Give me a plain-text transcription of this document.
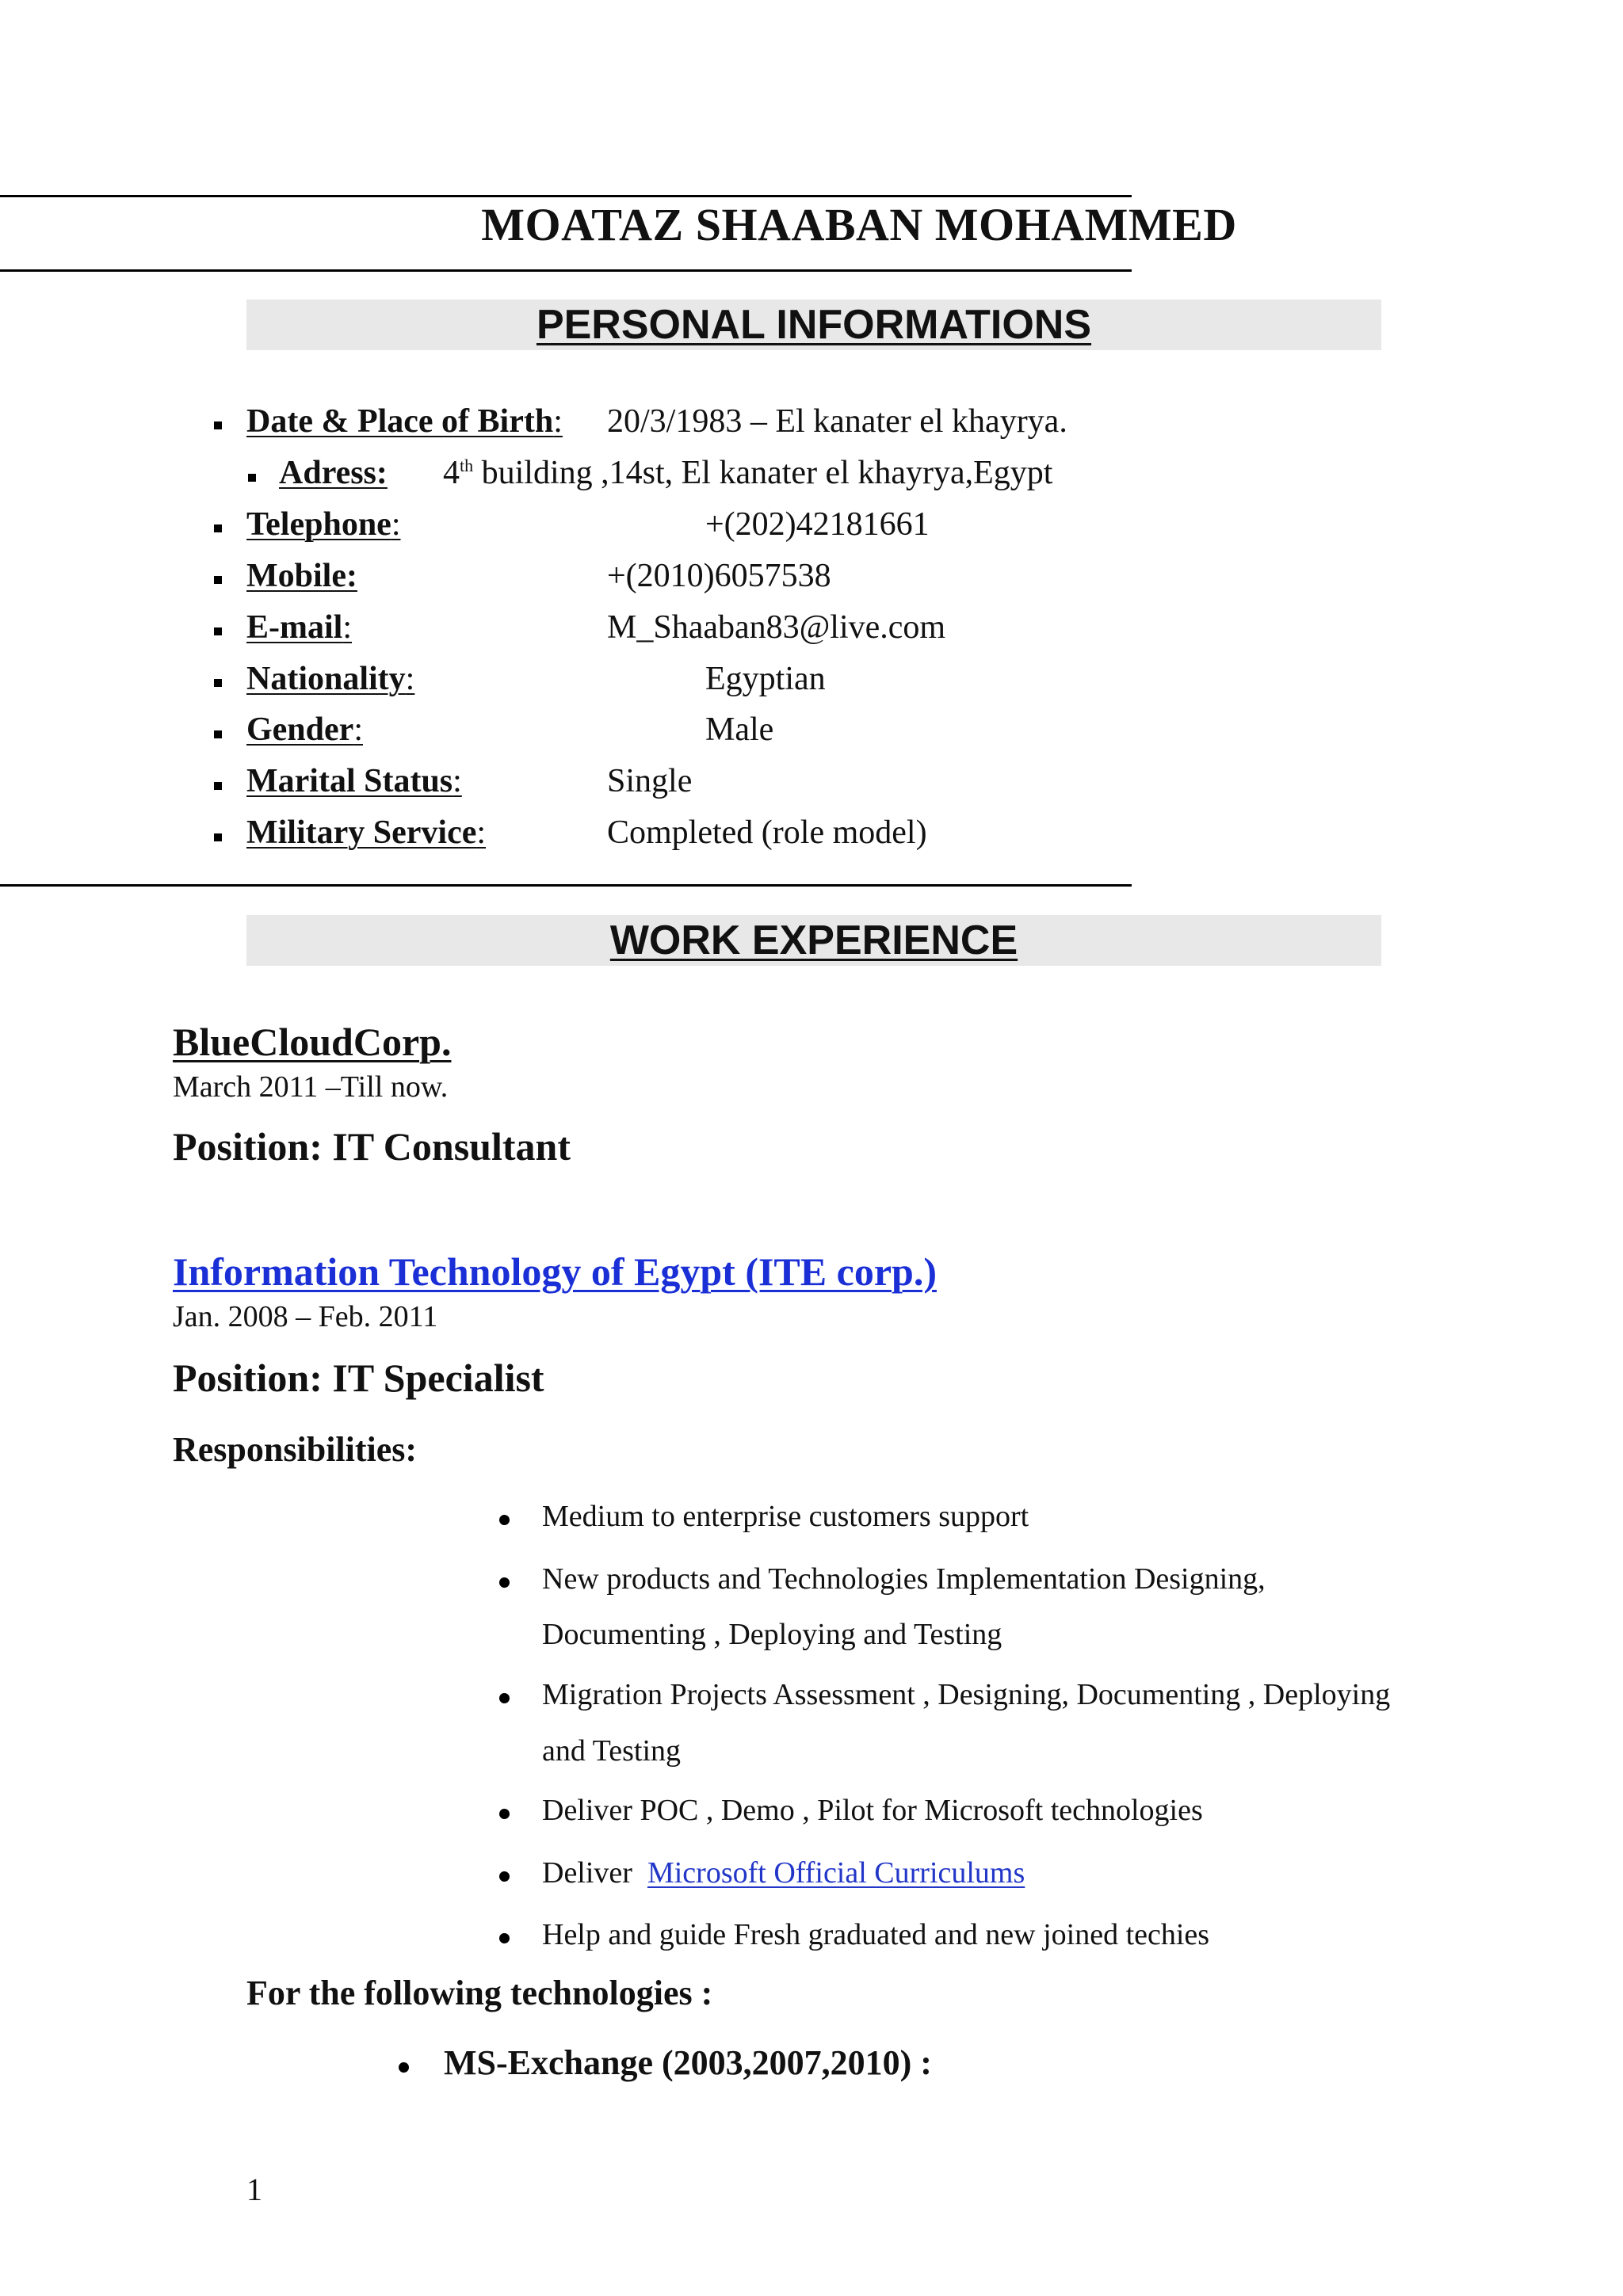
MOATAZ SHAABAN MOHAMMED
PERSONAL INFORMATIONS
Date & Place of Birth: 20/3/1983 – El kanater el khayrya.
Adress: 4th building ,14st, El kanater el khayrya,Egypt
Telephone:	+(202)42181661
Mobile:	+(2010)6057538
E-mail:	M_Shaaban83@live.com
Nationality:	Egyptian
Gender:	Male
Marital Status:	Single
Military Service:	Completed (role model)
WORK EXPERIENCE
BlueCloudCorp.
March 2011 –Till now.
Position: IT Consultant
Information Technology of Egypt (ITE corp.)
Jan. 2008 – Feb. 2011
Position: IT Specialist
Responsibilities:
Medium to enterprise customers support
New products and Technologies Implementation Designing,
Documenting , Deploying and Testing
Migration Projects Assessment , Designing, Documenting , Deploying
and Testing
Deliver POC , Demo , Pilot for Microsoft technologies
Deliver  Microsoft Official Curriculums
Help and guide Fresh graduated and new joined techies
For the following technologies :
MS-Exchange (2003,2007,2010) :
1
